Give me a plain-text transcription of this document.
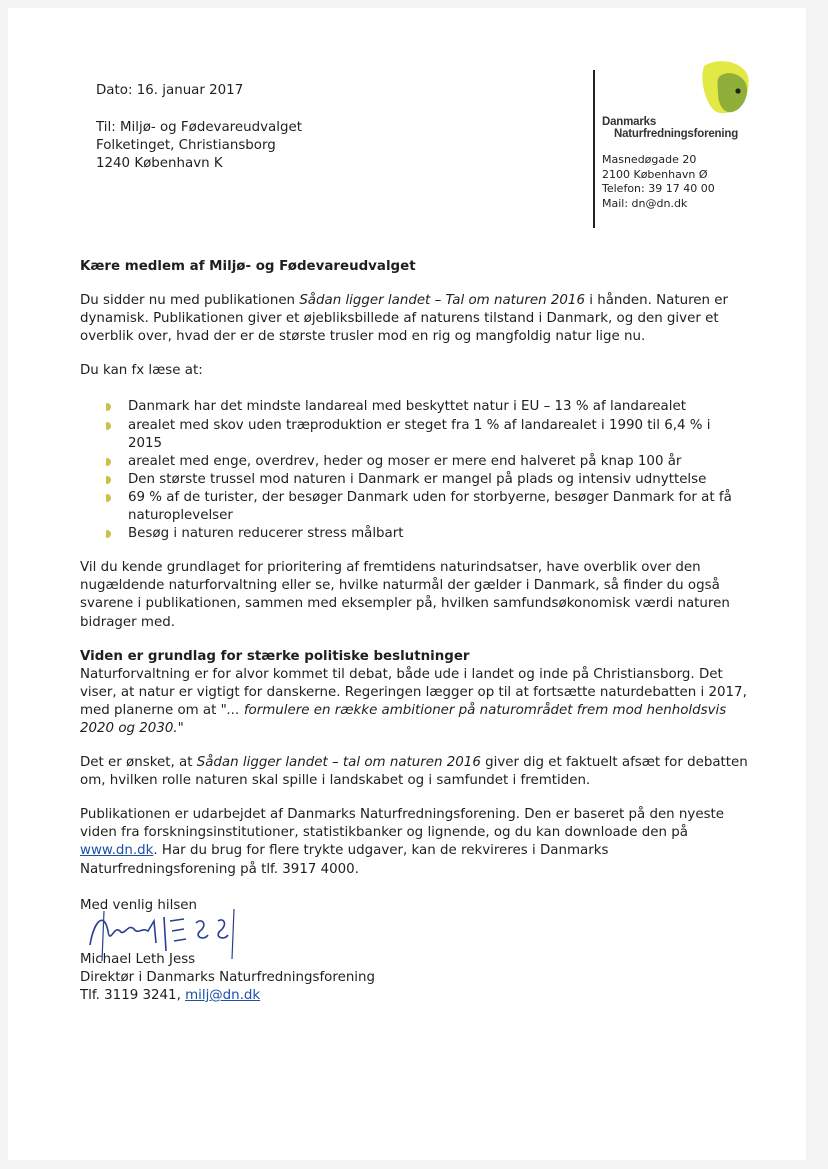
Dato: 16. januar 2017
Til: Miljø- og Fødevareudvalget
Folketinget, Christiansborg
1240 København K
Danmarks
Naturfredningsforening
Masnedøgade 20
2100 København Ø
Telefon: 39 17 40 00
Mail: dn@dn.dk

Kære medlem af Miljø- og Fødevareudvalget

Du sidder nu med publikationen Sådan ligger landet – Tal om naturen 2016 i hånden. Naturen er dynamisk. Publikationen giver et øjebliksbillede af naturens tilstand i Danmark, og den giver et overblik over, hvad der er de største trusler mod en rig og mangfoldig natur lige nu.

Du kan fx læse at:

Danmark har det mindste landareal med beskyttet natur i EU – 13 % af landarealet
arealet med skov uden træproduktion er steget fra 1 % af landarealet i 1990 til 6,4 % i 2015
arealet med enge, overdrev, heder og moser er mere end halveret på knap 100 år
Den største trussel mod naturen i Danmark er mangel på plads og intensiv udnyttelse
69 % af de turister, der besøger Danmark uden for storbyerne, besøger Danmark for at få naturoplevelser
Besøg i naturen reducerer stress målbart

Vil du kende grundlaget for prioritering af fremtidens naturindsatser, have overblik over den nugældende naturforvaltning eller se, hvilke naturmål der gælder i Danmark, så finder du også svarene i publikationen, sammen med eksempler på, hvilken samfundsøkonomisk værdi naturen bidrager med.

Viden er grundlag for stærke politiske beslutninger

Naturforvaltning er for alvor kommet til debat, både ude i landet og inde på Christiansborg. Det viser, at natur er vigtigt for danskerne. Regeringen lægger op til at fortsætte naturdebatten i 2017, med planerne om at "... formulere en række ambitioner på naturområdet frem mod henholdsvis 2020 og 2030."

Det er ønsket, at Sådan ligger landet – tal om naturen 2016 giver dig et faktuelt afsæt for debatten om, hvilken rolle naturen skal spille i landskabet og i samfundet i fremtiden.

Publikationen er udarbejdet af Danmarks Naturfredningsforening. Den er baseret på den nyeste viden fra forskningsinstitutioner, statistikbanker og lignende, og du kan downloade den på www.dn.dk. Har du brug for flere trykte udgaver, kan de rekvireres i Danmarks Naturfredningsforening på tlf. 3917 4000.

Med venlig hilsen

Michael Leth Jess

Direktør i Danmarks Naturfredningsforening

Tlf. 3119 3241, milj@dn.dk
